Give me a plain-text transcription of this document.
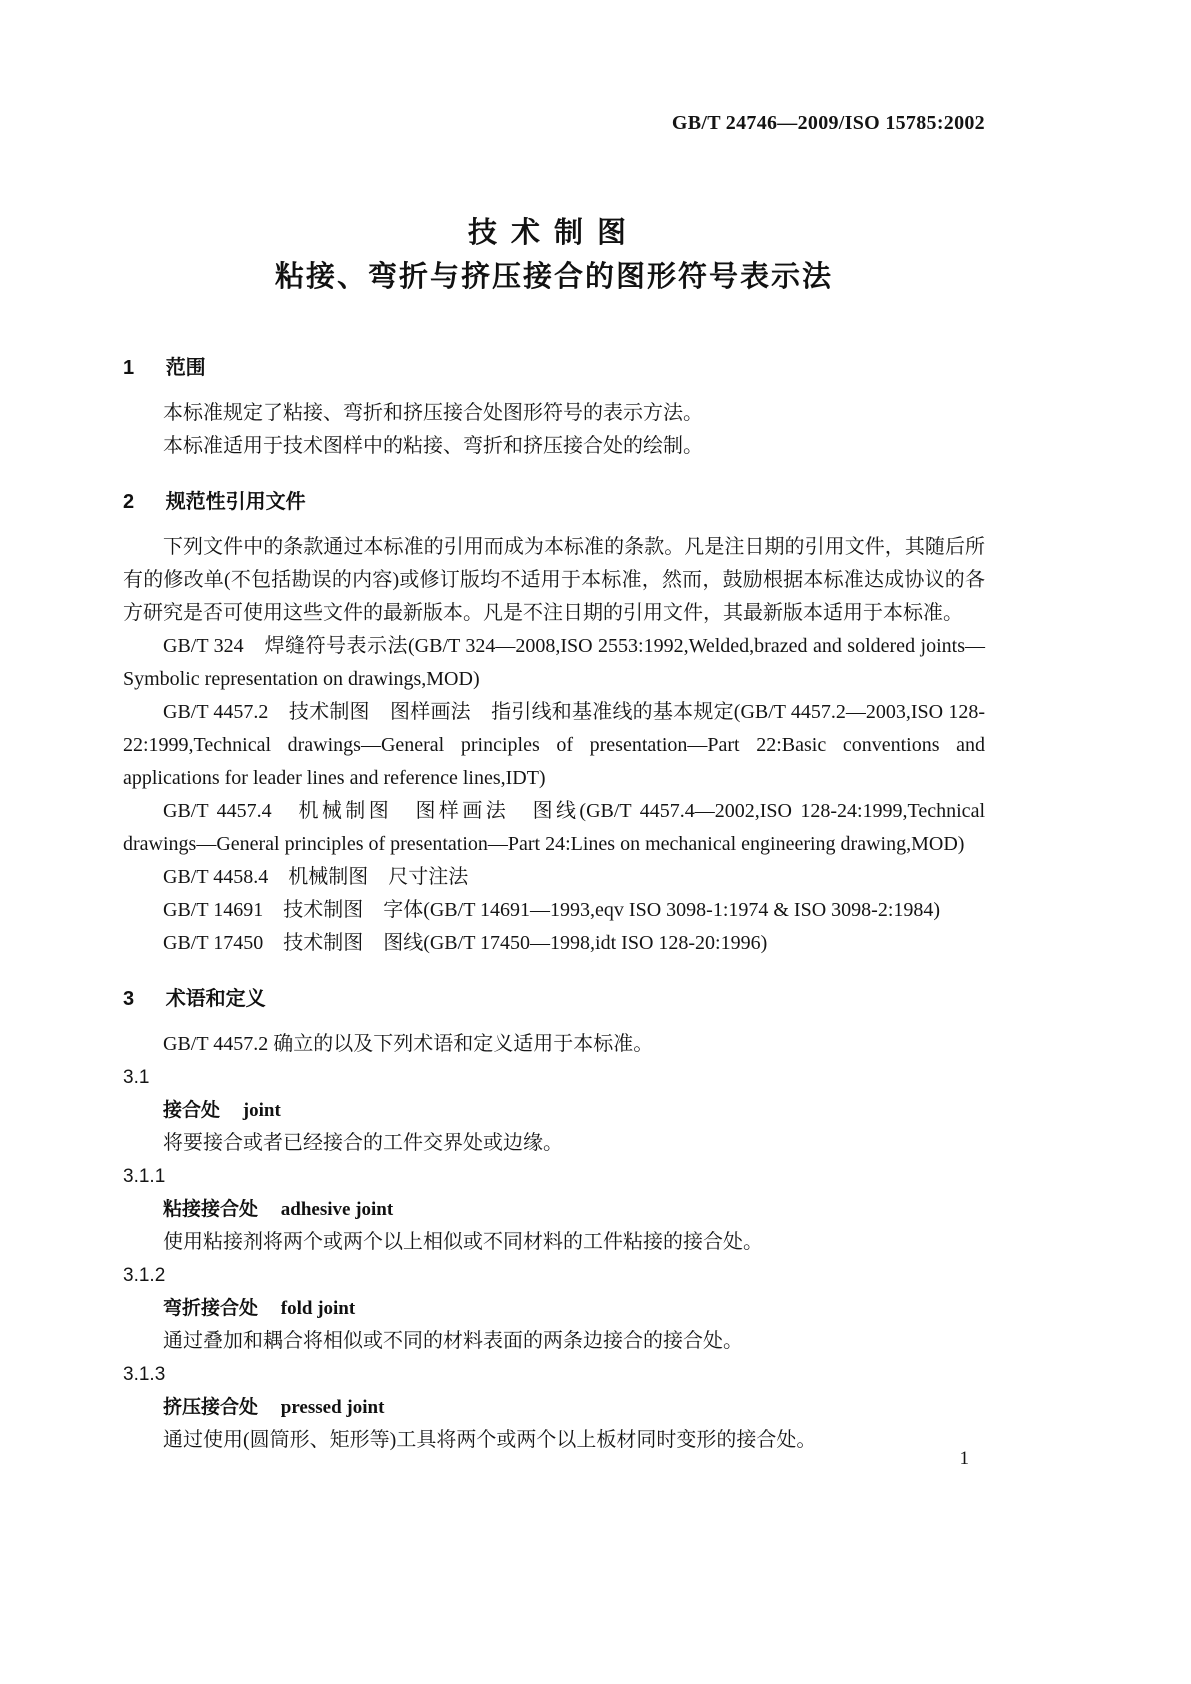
GB/T 24746—2009/ISO 15785:2002
技术制图
粘接、弯折与挤压接合的图形符号表示法
1 范围

本标准规定了粘接、弯折和挤压接合处图形符号的表示方法。

本标准适用于技术图样中的粘接、弯折和挤压接合处的绘制。

2 规范性引用文件

下列文件中的条款通过本标准的引用而成为本标准的条款。凡是注日期的引用文件，其随后所有的修改单(不包括勘误的内容)或修订版均不适用于本标准，然而，鼓励根据本标准达成协议的各方研究是否可使用这些文件的最新版本。凡是不注日期的引用文件，其最新版本适用于本标准。

GB/T 324　焊缝符号表示法(GB/T 324—2008,ISO 2553:1992,Welded,brazed and soldered joints—Symbolic representation on drawings,MOD)

GB/T 4457.2　技术制图　图样画法　指引线和基准线的基本规定(GB/T 4457.2—2003,ISO 128-22:1999,Technical drawings—General principles of presentation—Part 22:Basic conventions and applications for leader lines and reference lines,IDT)

GB/T 4457.4　机械制图　图样画法　图线(GB/T 4457.4—2002,ISO 128-24:1999,Technical drawings—General principles of presentation—Part 24:Lines on mechanical engineering drawing,MOD)

GB/T 4458.4　机械制图　尺寸注法

GB/T 14691　技术制图　字体(GB/T 14691—1993,eqv ISO 3098-1:1974 & ISO 3098-2:1984)

GB/T 17450　技术制图　图线(GB/T 17450—1998,idt ISO 128-20:1996)

3 术语和定义

GB/T 4457.2 确立的以及下列术语和定义适用于本标准。

3.1
接合处 joint

将要接合或者已经接合的工件交界处或边缘。

3.1.1
粘接接合处 adhesive joint

使用粘接剂将两个或两个以上相似或不同材料的工件粘接的接合处。

3.1.2
弯折接合处 fold joint

通过叠加和耦合将相似或不同的材料表面的两条边接合的接合处。

3.1.3
挤压接合处 pressed joint

通过使用(圆筒形、矩形等)工具将两个或两个以上板材同时变形的接合处。

1
